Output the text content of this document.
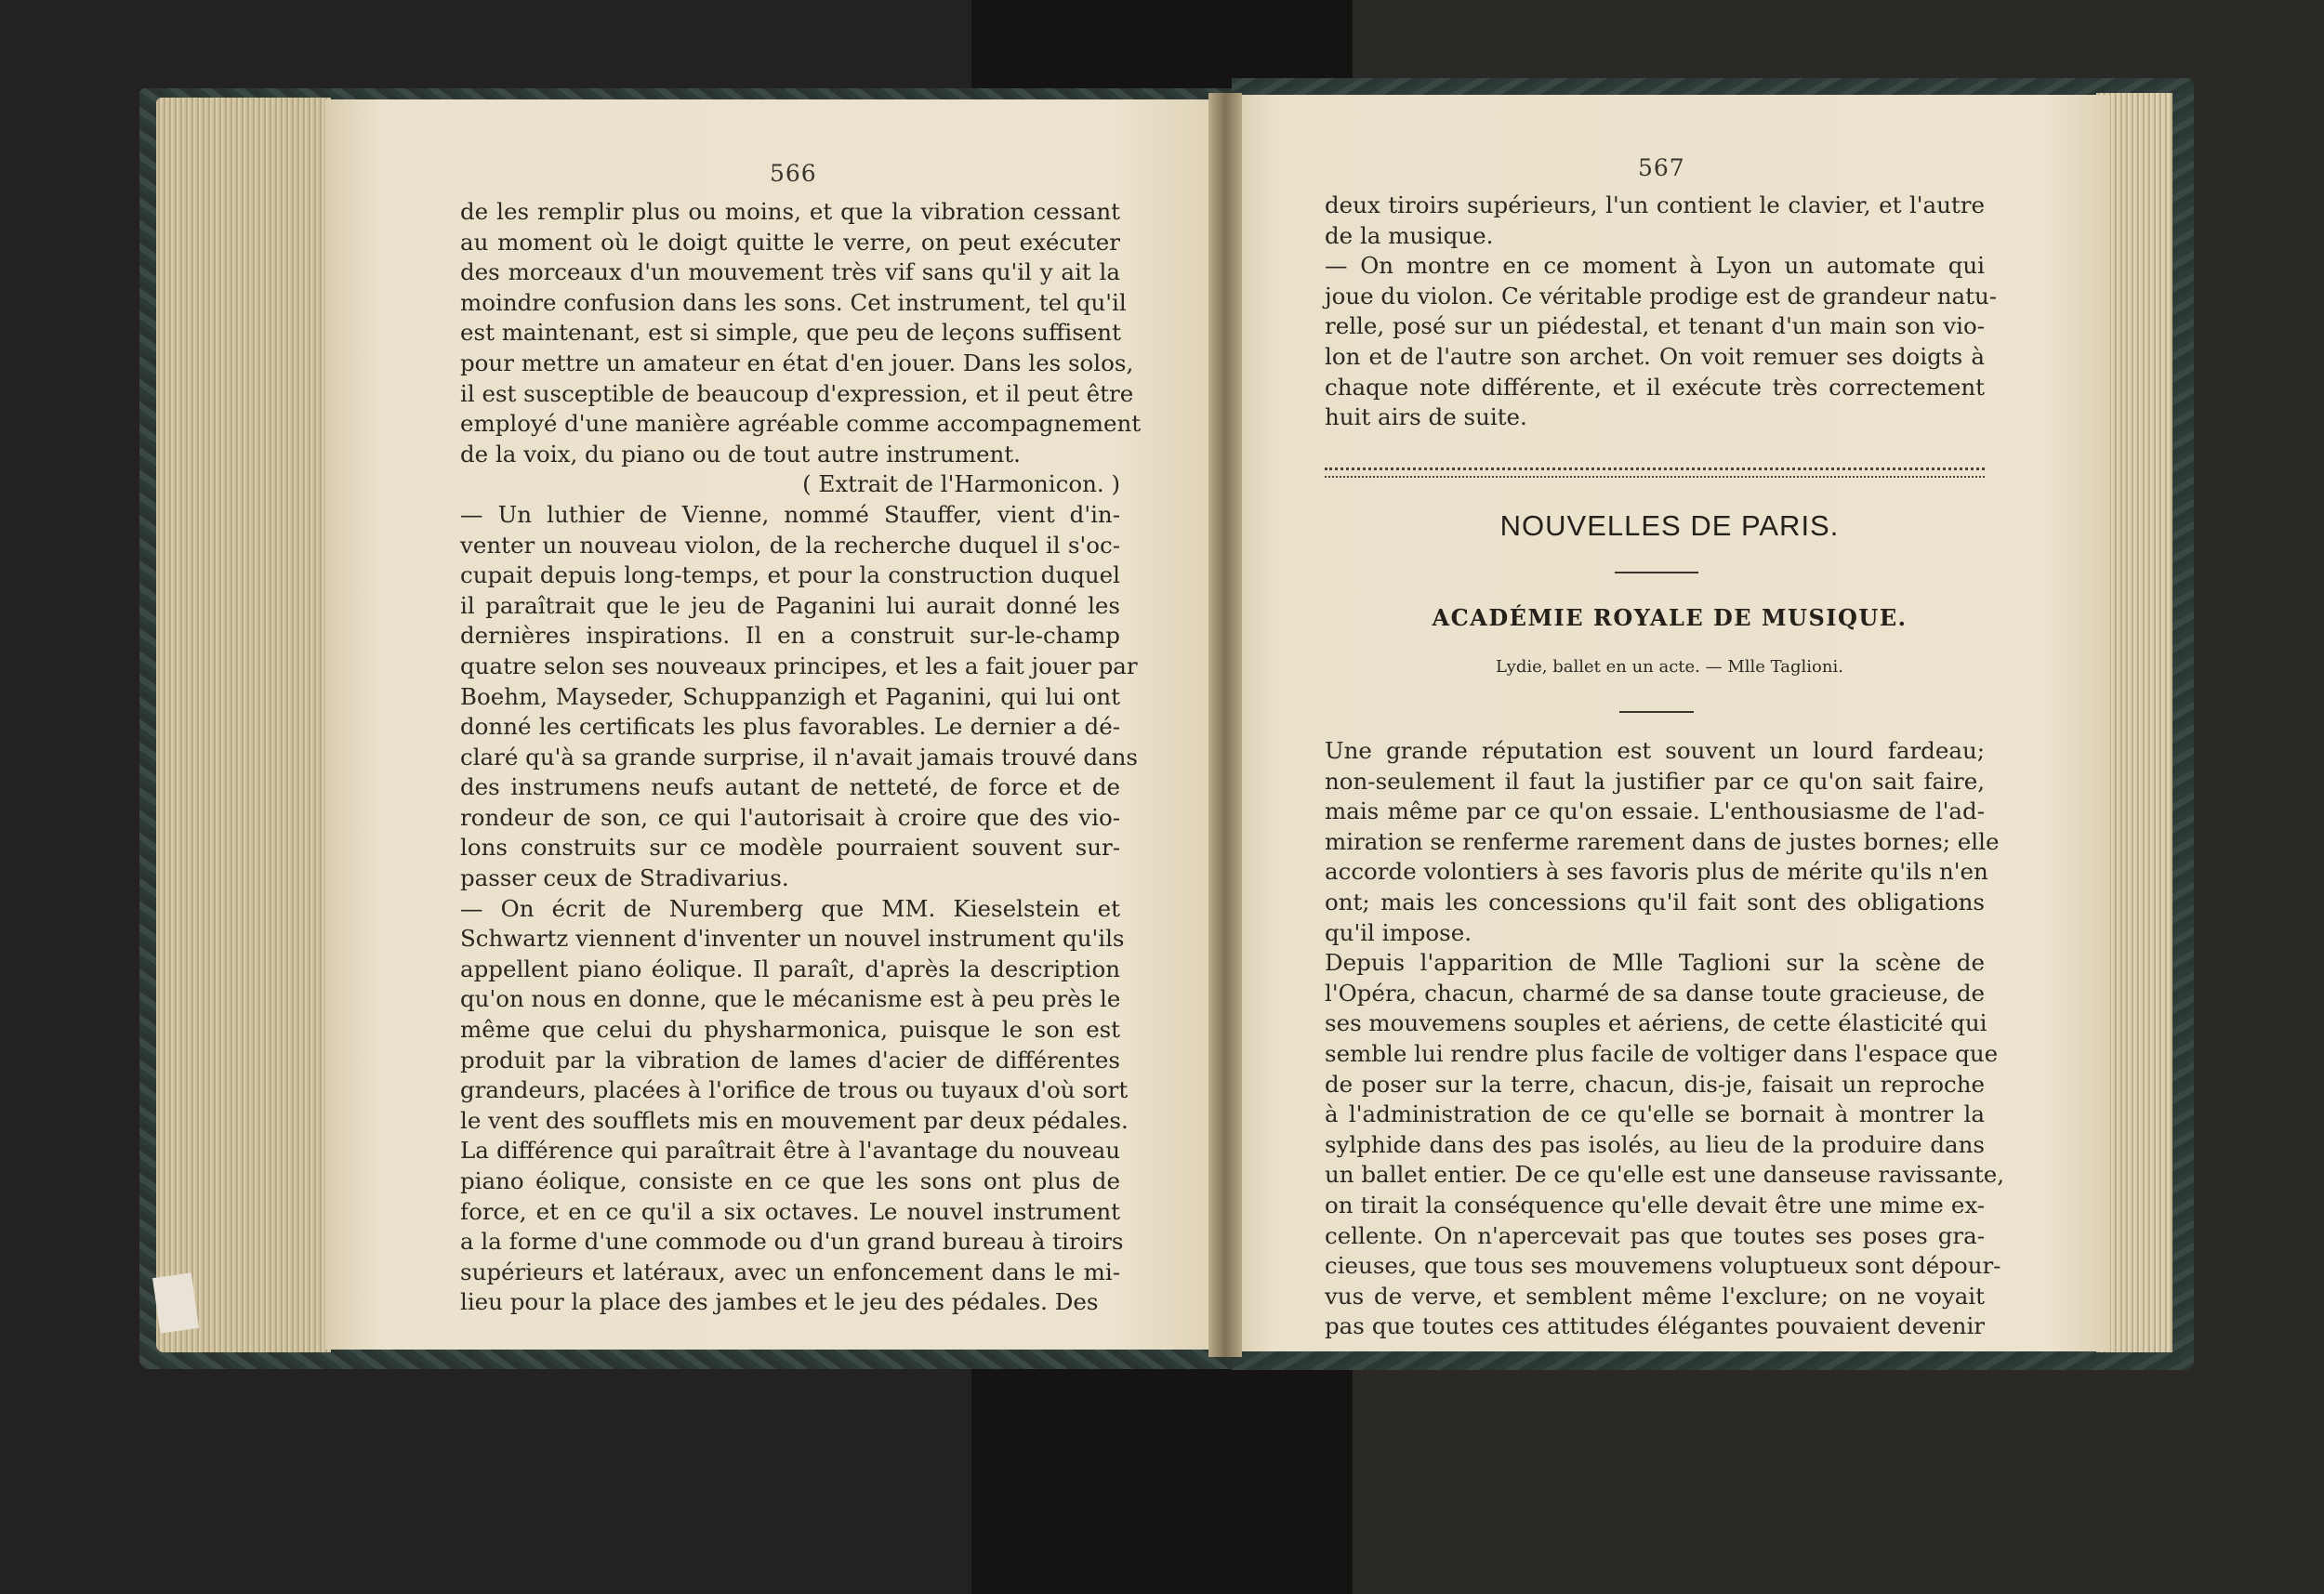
566
de les remplir plus ou moins, et que la vibration cessant
au moment où le doigt quitte le verre, on peut exécuter
des morceaux d'un mouvement très vif sans qu'il y ait la
moindre confusion dans les sons. Cet instrument, tel qu'il
est maintenant, est si simple, que peu de leçons suffisent
pour mettre un amateur en état d'en jouer. Dans les solos,
il est susceptible de beaucoup d'expression, et il peut être
employé d'une manière agréable comme accompagnement
de la voix, du piano ou de tout autre instrument.
( Extrait de l'Harmonicon. )
— Un luthier de Vienne, nommé Stauffer, vient d'in-
venter un nouveau violon, de la recherche duquel il s'oc-
cupait depuis long-temps, et pour la construction duquel
il paraîtrait que le jeu de Paganini lui aurait donné les
dernières inspirations. Il en a construit sur-le-champ
quatre selon ses nouveaux principes, et les a fait jouer par
Boehm, Mayseder, Schuppanzigh et Paganini, qui lui ont
donné les certificats les plus favorables. Le dernier a dé-
claré qu'à sa grande surprise, il n'avait jamais trouvé dans
des instrumens neufs autant de netteté, de force et de
rondeur de son, ce qui l'autorisait à croire que des vio-
lons construits sur ce modèle pourraient souvent sur-
passer ceux de Stradivarius.
— On écrit de Nuremberg que MM. Kieselstein et
Schwartz viennent d'inventer un nouvel instrument qu'ils
appellent piano éolique. Il paraît, d'après la description
qu'on nous en donne, que le mécanisme est à peu près le
même que celui du physharmonica, puisque le son est
produit par la vibration de lames d'acier de différentes
grandeurs, placées à l'orifice de trous ou tuyaux d'où sort
le vent des soufflets mis en mouvement par deux pédales.
La différence qui paraîtrait être à l'avantage du nouveau
piano éolique, consiste en ce que les sons ont plus de
force, et en ce qu'il a six octaves. Le nouvel instrument
a la forme d'une commode ou d'un grand bureau à tiroirs
supérieurs et latéraux, avec un enfoncement dans le mi-
lieu pour la place des jambes et le jeu des pédales. Des
567
deux tiroirs supérieurs, l'un contient le clavier, et l'autre
de la musique.
— On montre en ce moment à Lyon un automate qui
joue du violon. Ce véritable prodige est de grandeur natu-
relle, posé sur un piédestal, et tenant d'un main son vio-
lon et de l'autre son archet. On voit remuer ses doigts à
chaque note différente, et il exécute très correctement
huit airs de suite.
NOUVELLES DE PARIS.
ACADÉMIE ROYALE DE MUSIQUE.
Lydie, ballet en un acte. — Mlle Taglioni.
Une grande réputation est souvent un lourd fardeau;
non-seulement il faut la justifier par ce qu'on sait faire,
mais même par ce qu'on essaie. L'enthousiasme de l'ad-
miration se renferme rarement dans de justes bornes; elle
accorde volontiers à ses favoris plus de mérite qu'ils n'en
ont; mais les concessions qu'il fait sont des obligations
qu'il impose.
Depuis l'apparition de Mlle Taglioni sur la scène de
l'Opéra, chacun, charmé de sa danse toute gracieuse, de
ses mouvemens souples et aériens, de cette élasticité qui
semble lui rendre plus facile de voltiger dans l'espace que
de poser sur la terre, chacun, dis-je, faisait un reproche
à l'administration de ce qu'elle se bornait à montrer la
sylphide dans des pas isolés, au lieu de la produire dans
un ballet entier. De ce qu'elle est une danseuse ravissante,
on tirait la conséquence qu'elle devait être une mime ex-
cellente. On n'apercevait pas que toutes ses poses gra-
cieuses, que tous ses mouvemens voluptueux sont dépour-
vus de verve, et semblent même l'exclure; on ne voyait
pas que toutes ces attitudes élégantes pouvaient devenir
